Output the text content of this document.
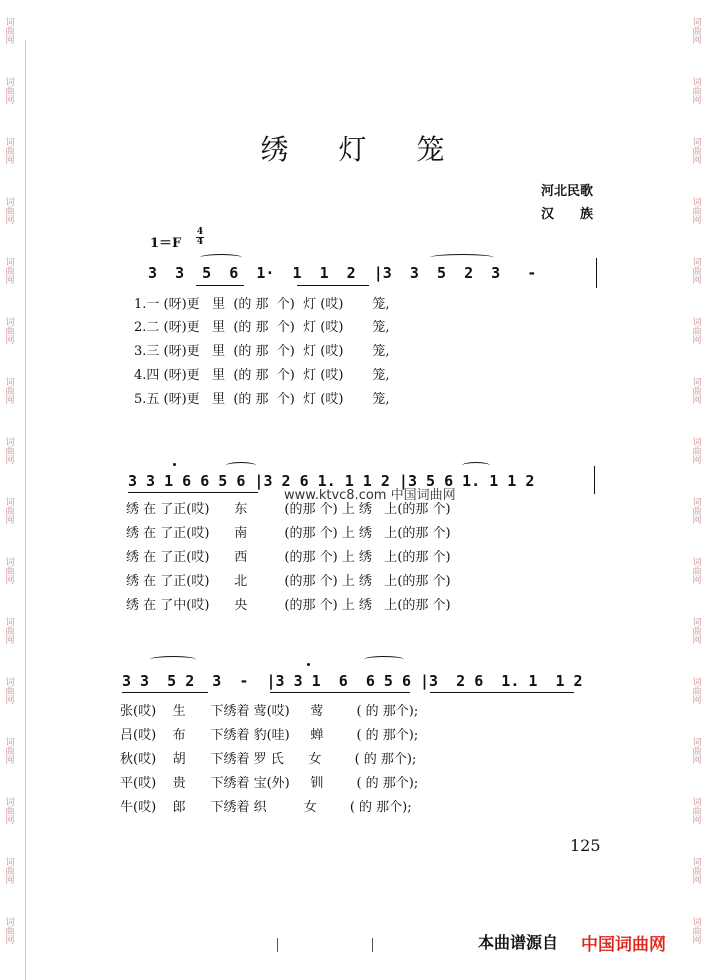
词曲网
词曲网
词曲网
词曲网
词曲网
词曲网
词曲网
词曲网
词曲网
词曲网
词曲网
词曲网
词曲网
词曲网
词曲网
词曲网
词曲网
词曲网
词曲网
词曲网
词曲网
词曲网
词曲网
词曲网
词曲网
词曲网
词曲网
词曲网
词曲网
词曲网
词曲网
词曲网
绣灯笼
河北民歌
汉　　族
1＝F
4
4
3  3  5  6  1·  1  1  2  |3  3  5  2  3   -
1.一 (呀)更   里  (的 那  个)  灯 (哎)       笼,
2.二 (呀)更   里  (的 那  个)  灯 (哎)       笼,
3.三 (呀)更   里  (的 那  个)  灯 (哎)       笼,
4.四 (呀)更   里  (的 那  个)  灯 (哎)       笼,
5.五 (呀)更   里  (的 那  个)  灯 (哎)       笼,
3 3 1 6 6 5 6 |3 2 6 1. 1 1 2 |3 5 6 1. 1 1 2
www.ktvc8.com 中国词曲网
绣 在 了正(哎)      东         (的那 个) 上 绣   上(的那 个)
绣 在 了正(哎)      南         (的那 个) 上 绣   上(的那 个)
绣 在 了正(哎)      西         (的那 个) 上 绣   上(的那 个)
绣 在 了正(哎)      北         (的那 个) 上 绣   上(的那 个)
绣 在 了中(哎)      央         (的那 个) 上 绣   上(的那 个)
3 3  5 2  3  -  |3 3 1  6  6 5 6 |3  2 6  1. 1  1 2
张(哎)    生      下绣着 莺(哎)     莺        ( 的 那个);
吕(哎)    布      下绣着 豹(哇)     蝉        ( 的 那个);
秋(哎)    胡      下绣着 罗 氏      女        ( 的 那个);
平(哎)    贵      下绣着 宝(外)     钏        ( 的 那个);
牛(哎)    郎      下绣着 织         女        ( 的 那个);
125
本曲谱源自 中国词曲网
